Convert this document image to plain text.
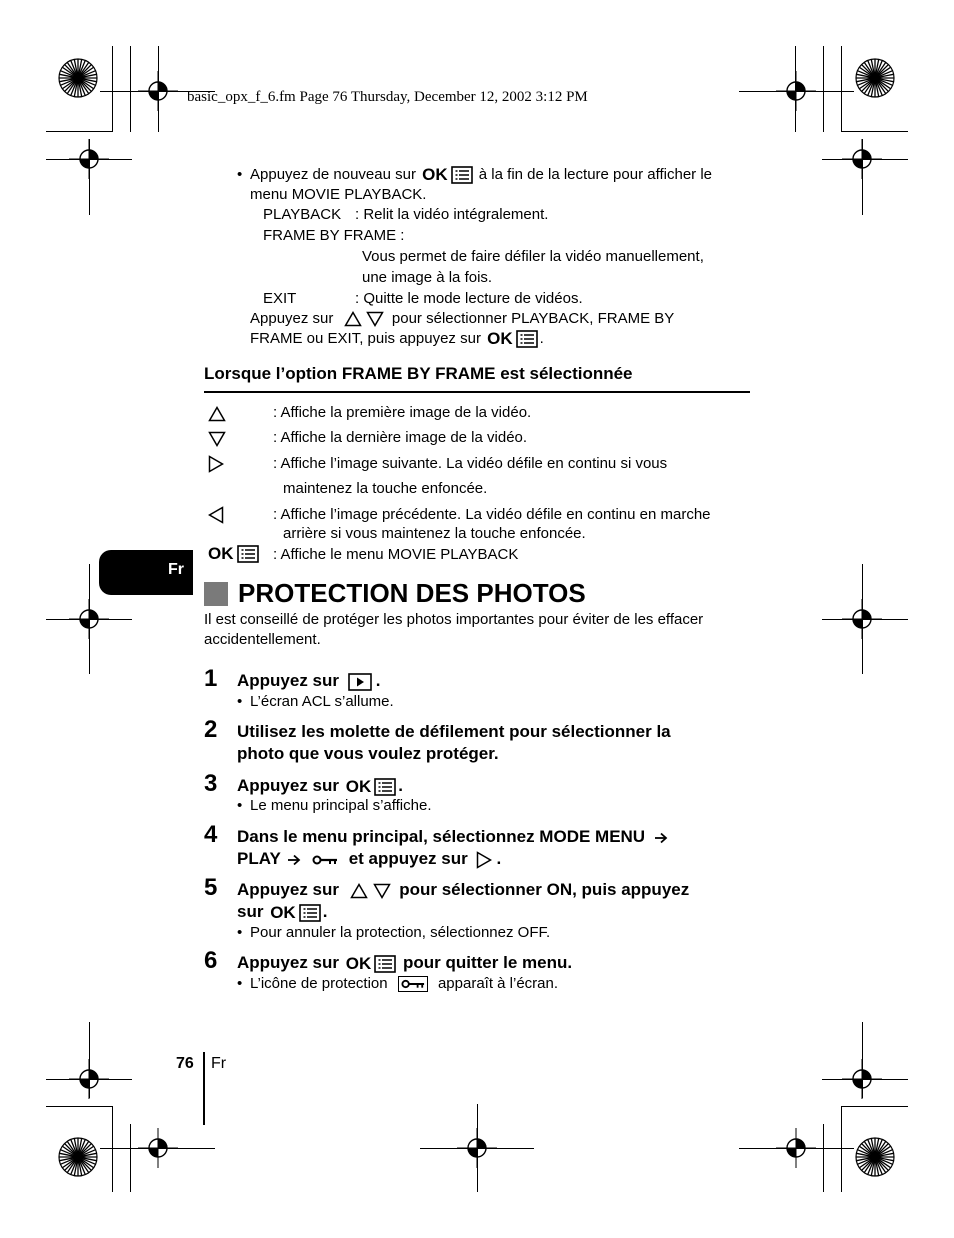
basic_opx_f_6.fm Page 76 Thursday, December 12, 2002 3:12 PM
• Appuyez de nouveau sur OK à la fin de la lecture pour afficher le
menu MOVIE PLAYBACK.
PLAYBACK : Relit la vidéo intégralement.
FRAME BY FRAME :
Vous permet de faire défiler la vidéo manuellement,
une image à la fois.
EXIT	: Quitte le mode lecture de vidéos.
Appuyez sur	pour sélectionner PLAYBACK, FRAME BY
FRAME ou EXIT, puis appuyez sur OK .
Lorsque l’option FRAME BY FRAME est sélectionnée
: Affiche la première image de la vidéo.
: Affiche la dernière image de la vidéo.
: Affiche l’image suivante. La vidéo défile en continu si vous
maintenez la touche enfoncée.
: Affiche l’image précédente. La vidéo défile en continu en marche
arrière si vous maintenez la touche enfoncée.
OK	: Affiche le menu MOVIE PLAYBACK
Fr
PROTECTION DES PHOTOS
Il est conseillé de protéger les photos importantes pour éviter de les effacer
accidentellement.
1 Appuyez sur .
• L’écran ACL s’allume.
2 Utilisez les molette de défilement pour sélectionner la
photo que vous voulez protéger.
3 Appuyez sur OK .
• Le menu principal s’affiche.
4 Dans le menu principal, sélectionnez MODE MENU
PLAY	et appuyez sur .
5 Appuyez sur	pour sélectionner ON, puis appuyez
sur OK .
• Pour annuler la protection, sélectionnez OFF.
6 Appuyez sur OK pour quitter le menu.
• L’icône de protection	apparaît à l’écran.
76 Fr
